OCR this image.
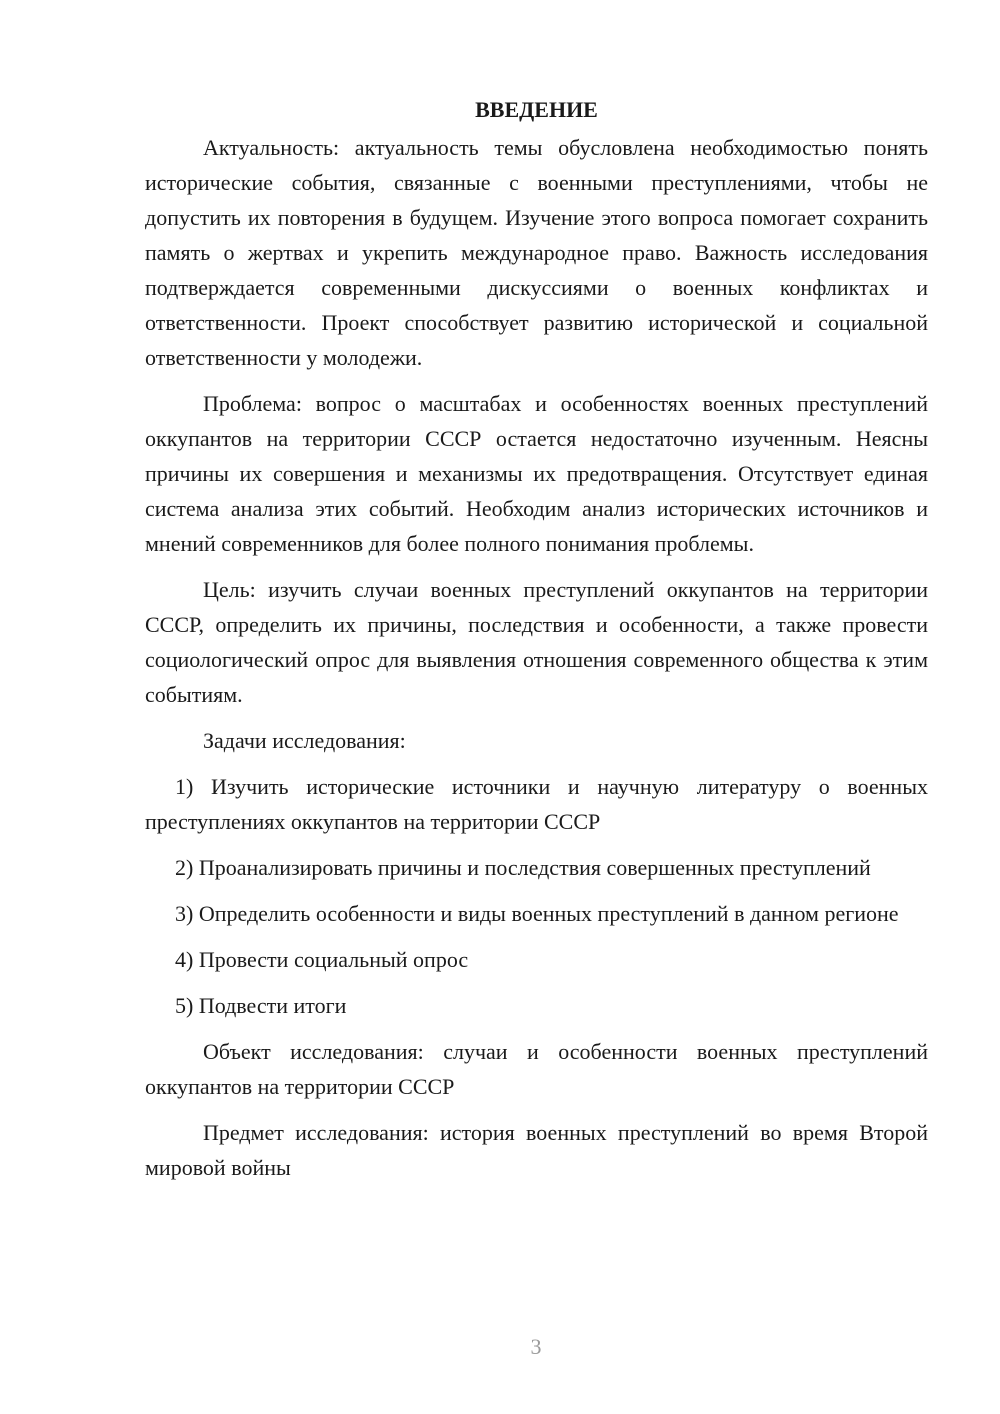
ВВЕДЕНИЕ

Актуальность: актуальность темы обусловлена необходимостью понять исторические события, связанные с военными преступлениями, чтобы не допустить их повторения в будущем. Изучение этого вопроса помогает сохранить память о жертвах и укрепить международное право. Важность исследования подтверждается современными дискуссиями о военных конфликтах и ответственности. Проект способствует развитию исторической и социальной ответственности у молодежи.

Проблема: вопрос о масштабах и особенностях военных преступлений оккупантов на территории СССР остается недостаточно изученным. Неясны причины их совершения и механизмы их предотвращения. Отсутствует единая система анализа этих событий. Необходим анализ исторических источников и мнений современников для более полного понимания проблемы.

Цель: изучить случаи военных преступлений оккупантов на территории СССР, определить их причины, последствия и особенности, а также провести социологический опрос для выявления отношения современного общества к этим событиям.

Задачи исследования:

1) Изучить исторические источники и научную литературу о военных преступлениях оккупантов на территории СССР

2) Проанализировать причины и последствия совершенных преступлений

3) Определить особенности и виды военных преступлений в данном регионе

4) Провести социальный опрос

5) Подвести итоги

Объект исследования: случаи и особенности военных преступлений оккупантов на территории СССР

Предмет исследования: история военных преступлений во время Второй мировой войны

3
